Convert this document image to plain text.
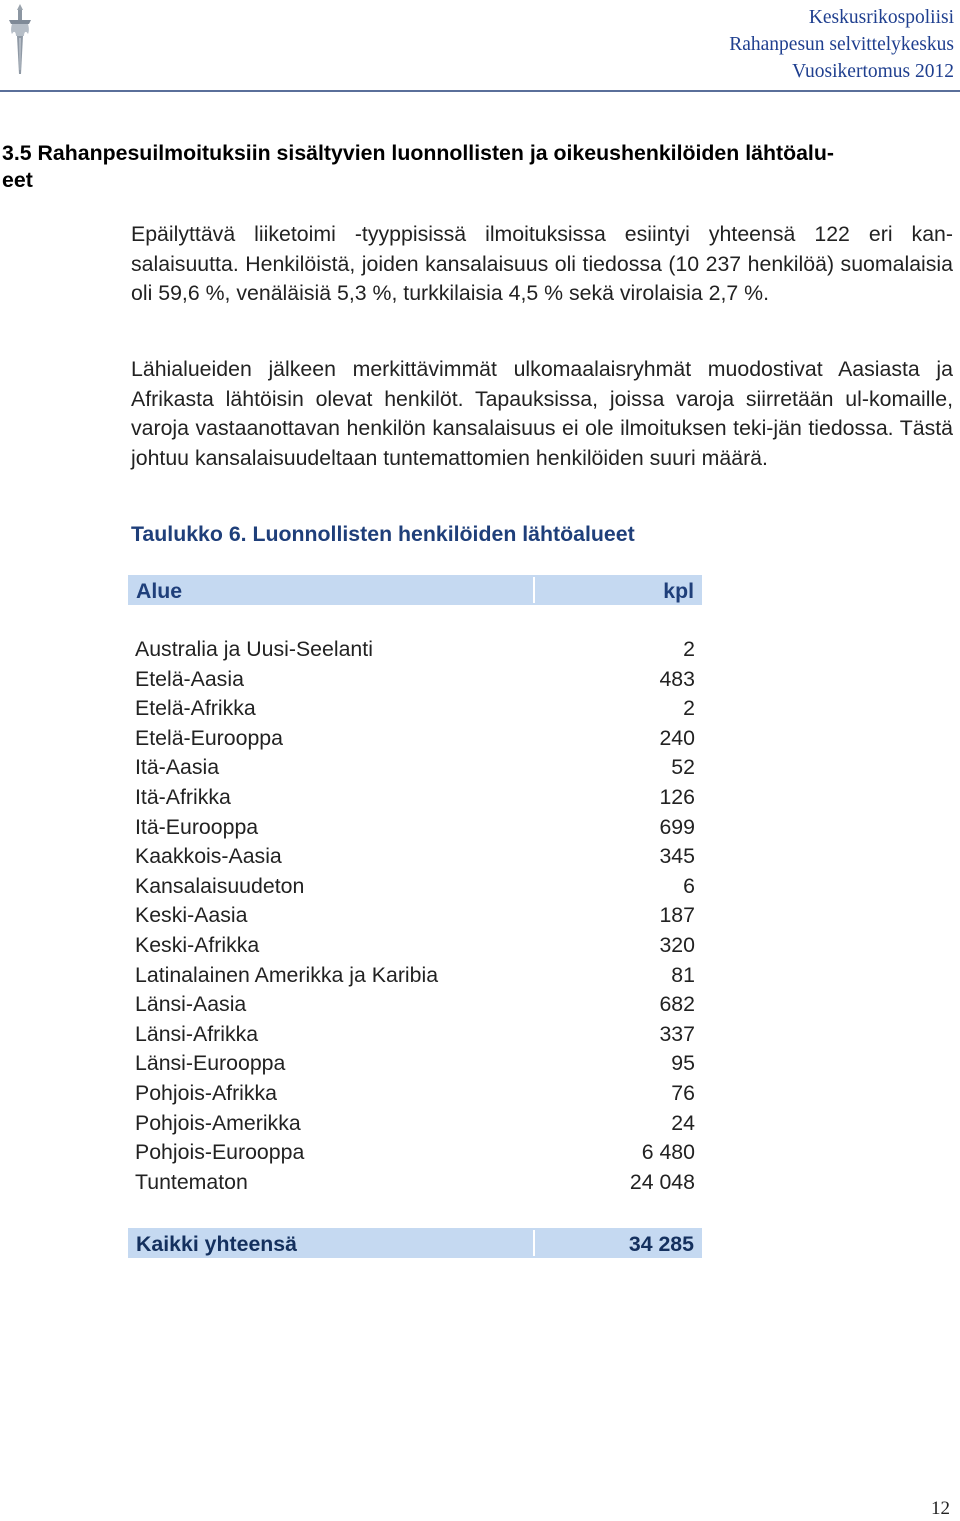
Keskusrikospoliisi
Rahanpesun selvittelykeskus
Vuosikertomus 2012
3.5 Rahanpesuilmoituksiin sisältyvien luonnollisten ja oikeushenkilöiden lähtöalu-
eet
Epäilyttävä liiketoimi -tyyppisissä ilmoituksissa esiintyi yhteensä 122 eri kan-salaisuutta. Henkilöistä, joiden kansalaisuus oli tiedossa (10 237 henkilöä) suomalaisia oli 59,6 %, venäläisiä 5,3 %, turkkilaisia 4,5 % sekä virolaisia 2,7 %.
Lähialueiden jälkeen merkittävimmät ulkomaalaisryhmät muodostivat Aasiasta ja Afrikasta lähtöisin olevat henkilöt. Tapauksissa, joissa varoja siirretään ul-komaille, varoja vastaanottavan henkilön kansalaisuus ei ole ilmoituksen teki-jän tiedossa. Tästä johtuu kansalaisuudeltaan tuntemattomien henkilöiden suuri määrä.
Taulukko 6. Luonnollisten henkilöiden lähtöalueet
Alue	kpl
Australia ja Uusi-Seelanti	2
Etelä-Aasia	483
Etelä-Afrikka	2
Etelä-Eurooppa	240
Itä-Aasia	52
Itä-Afrikka	126
Itä-Eurooppa	699
Kaakkois-Aasia	345
Kansalaisuudeton	6
Keski-Aasia	187
Keski-Afrikka	320
Latinalainen Amerikka ja Karibia	81
Länsi-Aasia	682
Länsi-Afrikka	337
Länsi-Eurooppa	95
Pohjois-Afrikka	76
Pohjois-Amerikka	24
Pohjois-Eurooppa	6 480
Tuntematon	24 048
Kaikki yhteensä	34 285
12
